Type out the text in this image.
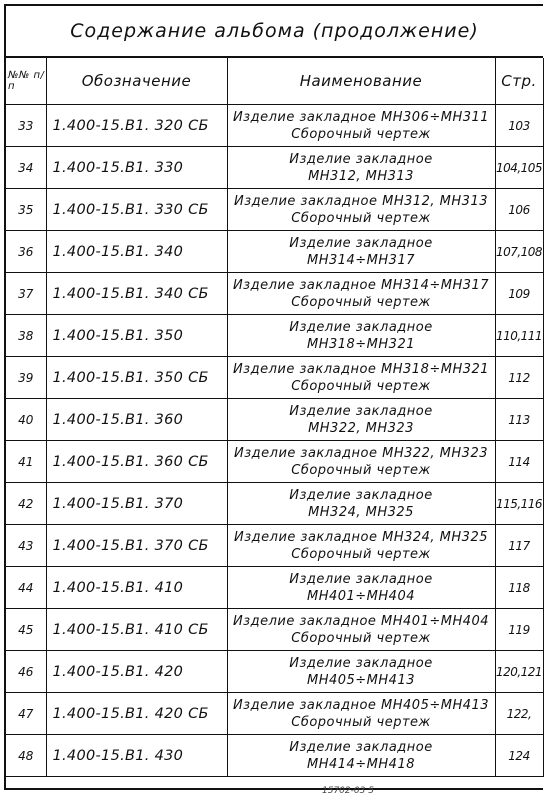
Содержание альбома (продолжение)
№№ п/п	Обозначение	Наименование	Стр.
33	1.400-15.В1. 320 СБ	Изделие закладное МН306÷МН311
Сборочный чертеж	103
34	1.400-15.В1. 330	Изделие закладное
МН312, МН313	104,105
35	1.400-15.В1. 330 СБ	Изделие закладное МН312, МН313
Сборочный чертеж	106
36	1.400-15.В1. 340	Изделие закладное
МН314÷МН317	107,108
37	1.400-15.В1. 340 СБ	Изделие закладное МН314÷МН317
Сборочный чертеж	109
38	1.400-15.В1. 350	Изделие закладное
МН318÷МН321	110,111
39	1.400-15.В1. 350 СБ	Изделие закладное МН318÷МН321
Сборочный чертеж	112
40	1.400-15.В1. 360	Изделие закладное
МН322, МН323	113
41	1.400-15.В1. 360 СБ	Изделие закладное МН322, МН323
Сборочный чертеж	114
42	1.400-15.В1. 370	Изделие закладное
МН324, МН325	115,116
43	1.400-15.В1. 370 СБ	Изделие закладное МН324, МН325
Сборочный чертеж	117
44	1.400-15.В1. 410	Изделие закладное
МН401÷МН404	118
45	1.400-15.В1. 410 СБ	Изделие закладное МН401÷МН404
Сборочный чертеж	119
46	1.400-15.В1. 420	Изделие закладное
МН405÷МН413	120,121
47	1.400-15.В1. 420 СБ	Изделие закладное МН405÷МН413
Сборочный чертеж	122,
48	1.400-15.В1. 430	Изделие закладное
МН414÷МН418	124
15702-03 5
